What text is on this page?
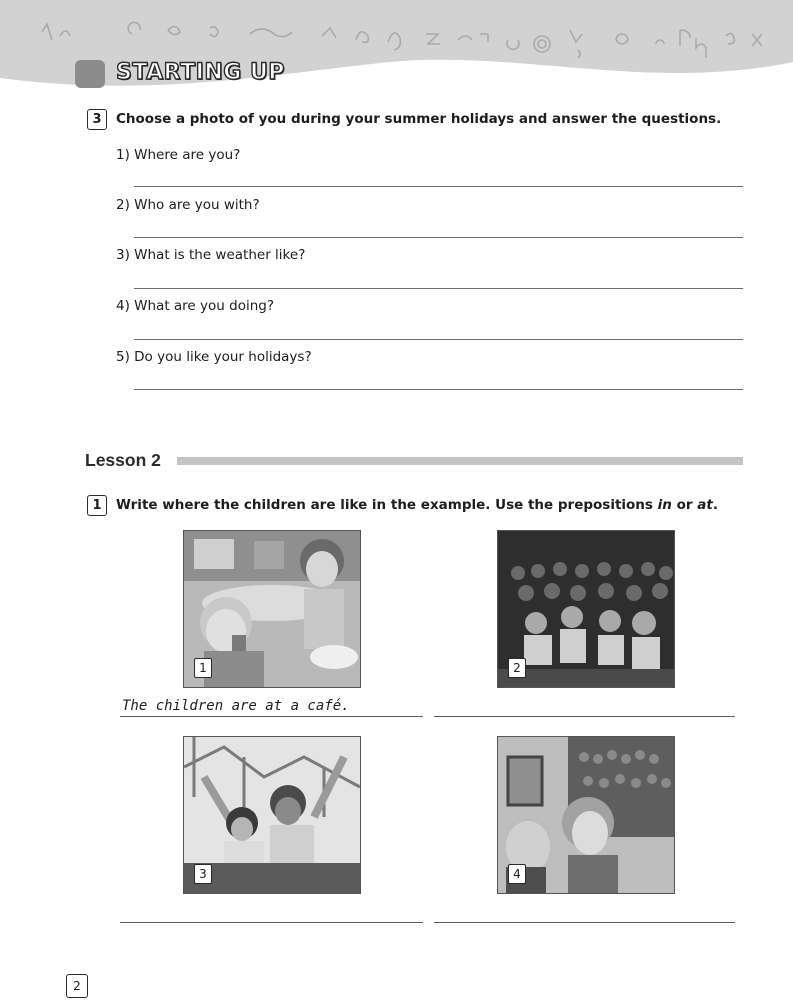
STARTING UP
3	Choose a photo of you during your summer holidays and answer the questions.
1) Where are you?
2) Who are you with?
3) What is the weather like?
4) What are you doing?
5) Do you like your holidays?
Lesson 2
1	Write where the children are like in the example. Use the prepositions in or at.
1	2
The children are at a café.
3	4
2
